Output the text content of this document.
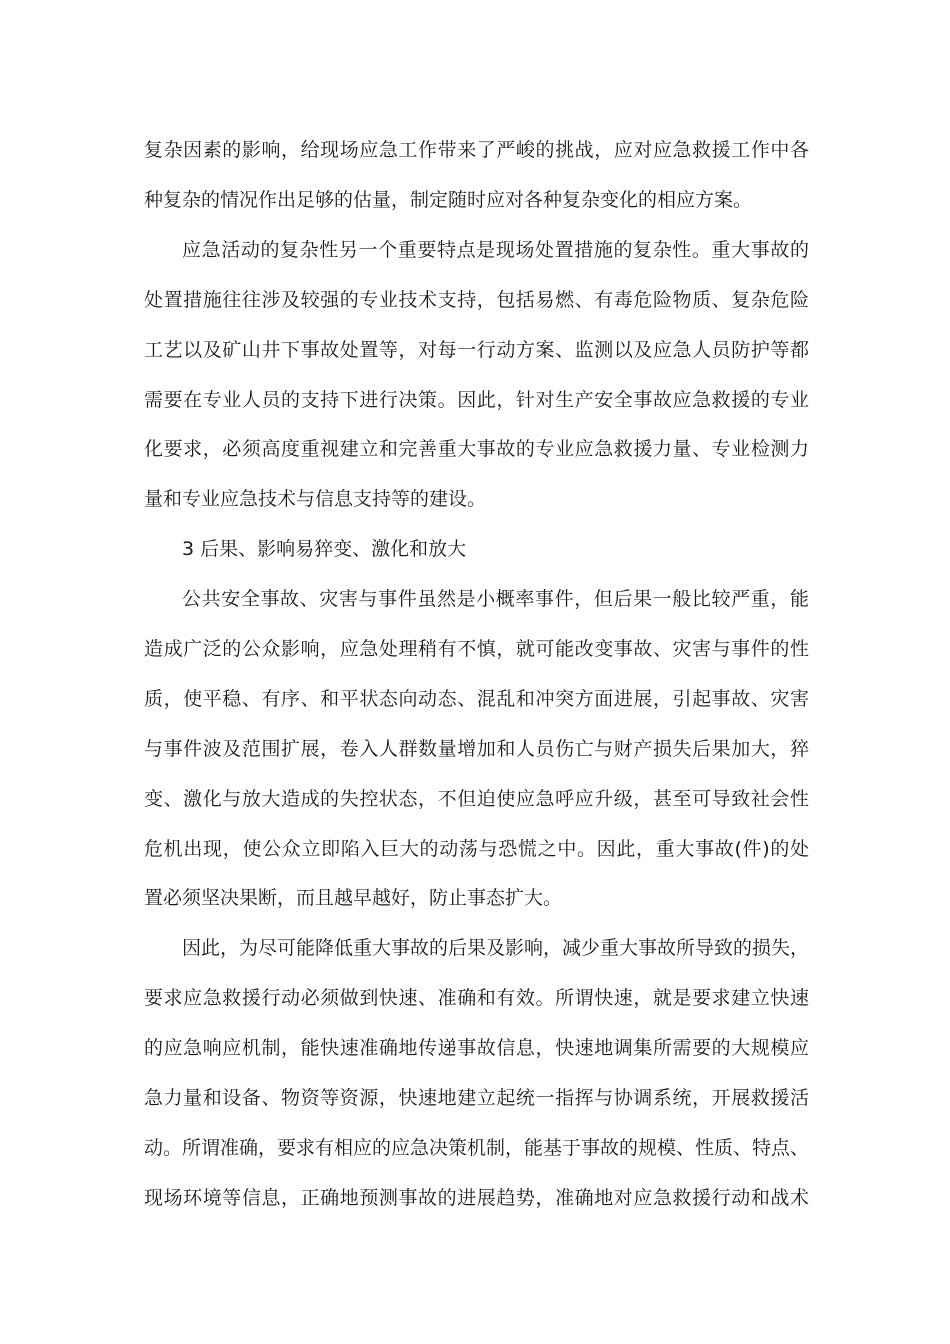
复杂因素的影响，给现场应急工作带来了严峻的挑战，应对应急救援工作中各
种复杂的情况作出足够的估量，制定随时应对各种复杂变化的相应方案。
应急活动的复杂性另一个重要特点是现场处置措施的复杂性。重大事故的
处置措施往往涉及较强的专业技术支持，包括易燃、有毒危险物质、复杂危险
工艺以及矿山井下事故处置等，对每一行动方案、监测以及应急人员防护等都
需要在专业人员的支持下进行决策。因此，针对生产安全事故应急救援的专业
化要求，必须高度重视建立和完善重大事故的专业应急救援力量、专业检测力
量和专业应急技术与信息支持等的建设。
3 后果、影响易猝变、激化和放大
公共安全事故、灾害与事件虽然是小概率事件，但后果一般比较严重，能
造成广泛的公众影响，应急处理稍有不慎，就可能改变事故、灾害与事件的性
质，使平稳、有序、和平状态向动态、混乱和冲突方面进展，引起事故、灾害
与事件波及范围扩展，卷入人群数量增加和人员伤亡与财产损失后果加大，猝
变、激化与放大造成的失控状态，不但迫使应急呼应升级，甚至可导致社会性
危机出现，使公众立即陷入巨大的动荡与恐慌之中。因此，重大事故(件)的处
置必须坚决果断，而且越早越好，防止事态扩大。
因此，为尽可能降低重大事故的后果及影响，减少重大事故所导致的损失，
要求应急救援行动必须做到快速、准确和有效。所谓快速，就是要求建立快速
的应急响应机制，能快速准确地传递事故信息，快速地调集所需要的大规模应
急力量和设备、物资等资源，快速地建立起统一指挥与协调系统，开展救援活
动。所谓准确，要求有相应的应急决策机制，能基于事故的规模、性质、特点、
现场环境等信息，正确地预测事故的进展趋势，准确地对应急救援行动和战术
